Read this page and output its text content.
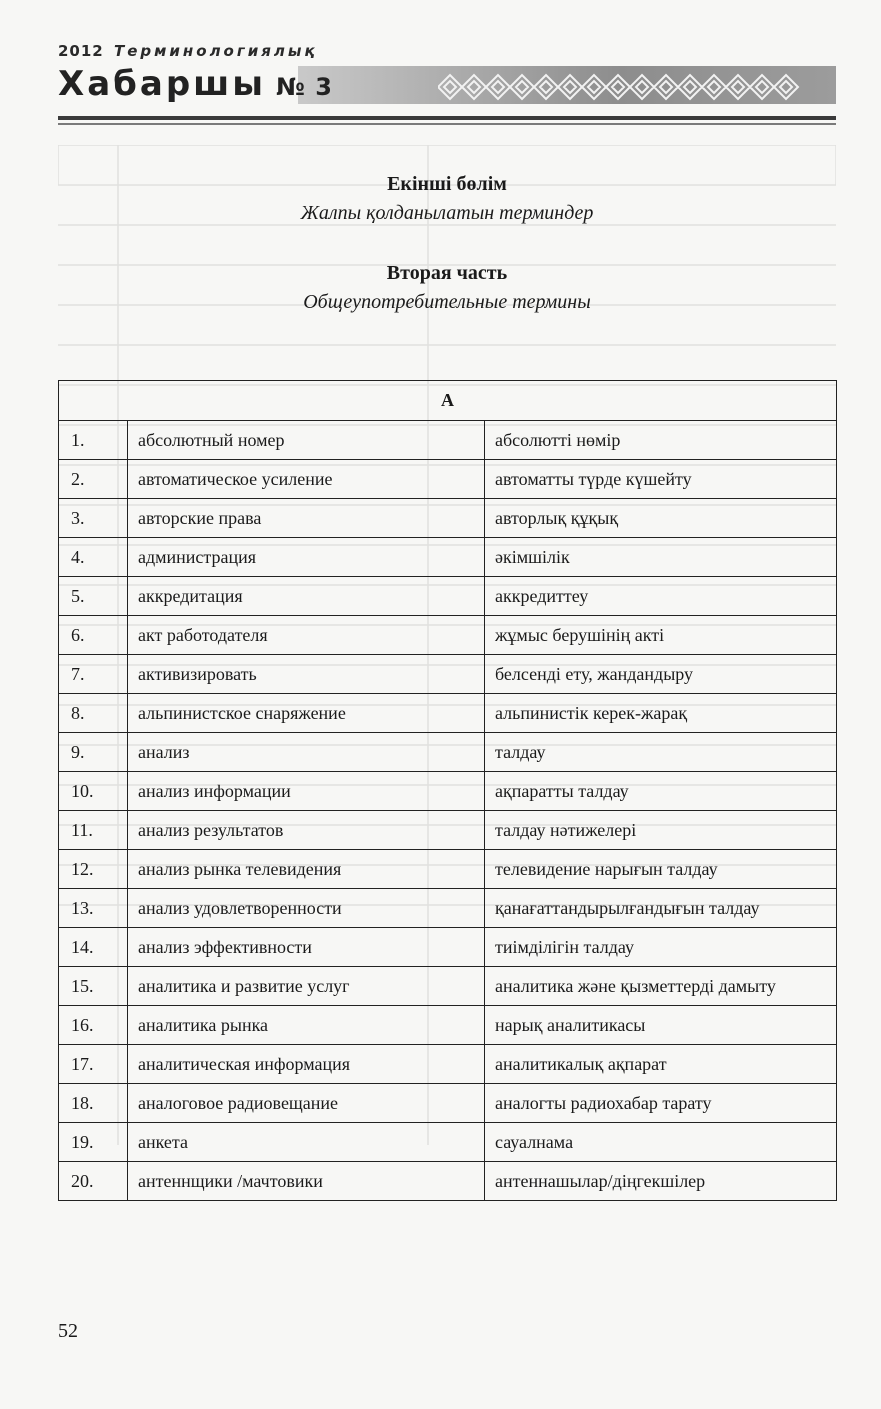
2012 Терминологиялық
Хабаршы № 3
Екінші бөлім
Жалпы қолданылатын терминдер
Вторая часть
Общеупотребительные термины
А		
1.	абсолютный номер	абсолютті нөмір
2.	автоматическое усиление	автоматты түрде күшейту
3.	авторские права	авторлық құқық
4.	администрация	әкімшілік
5.	аккредитация	аккредиттеу
6.	акт работодателя	жұмыс берушінің акті
7.	активизировать	белсенді ету, жандандыру
8.	альпинистское снаряжение	альпинистік керек-жарақ
9.	анализ	талдау
10.	анализ информации	ақпаратты талдау
11.	анализ результатов	талдау нәтижелері
12.	анализ рынка телевидения	телевидение нарығын талдау
13.	анализ удовлетворенности	қанағаттандырылғандығын талдау
14.	анализ эффективности	тиімділігін талдау
15.	аналитика и развитие услуг	аналитика және қызметтерді дамыту
16.	аналитика рынка	нарық аналитикасы
17.	аналитическая информация	аналитикалық ақпарат
18.	аналоговое радиовещание	аналогты радиохабар тарату
19.	анкета	сауалнама
20.	антеннщики /мачтовики	антеннашылар/діңгекшілер
52
